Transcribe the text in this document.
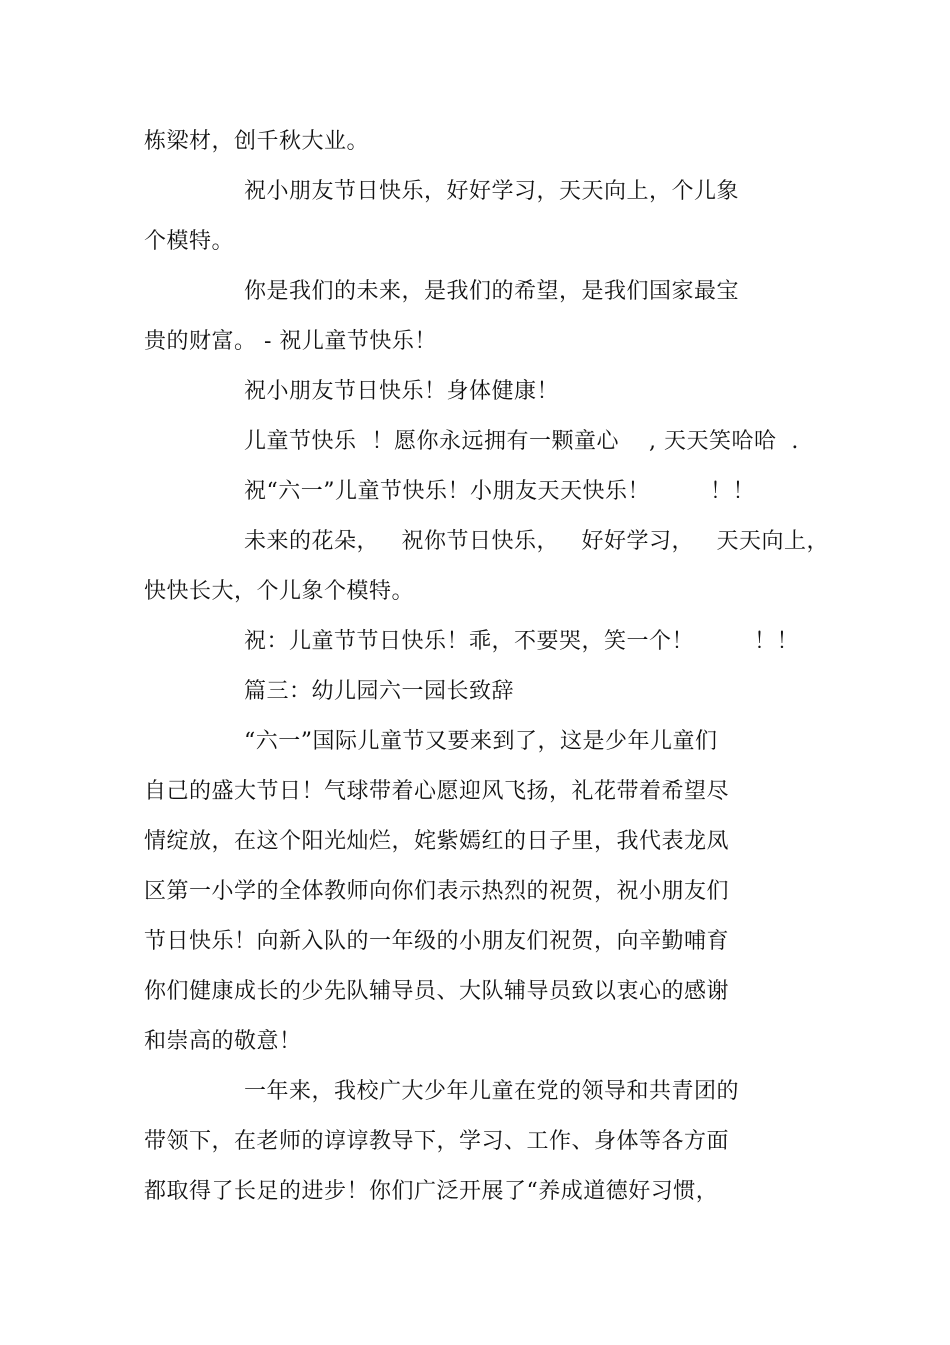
栋梁材，创千秋大业。
祝小朋友节日快乐，好好学习，天天向上，个儿象
个模特。
你是我们的未来，是我们的希望，是我们国家最宝
贵的财富。 - 祝儿童节快乐！
祝小朋友节日快乐！身体健康！
儿童节快乐  ！愿你永远拥有一颗童心    , 天天笑哈哈  .
祝“六一”儿童节快乐！小朋友天天快乐！        ！！
未来的花朵，   祝你节日快乐，   好好学习，   天天向上，
快快长大，个儿象个模特。
祝：儿童节节日快乐！乖，不要哭，笑一个！        ！！
篇三：幼儿园六一园长致辞
“六一”国际儿童节又要来到了，这是少年儿童们
自己的盛大节日！气球带着心愿迎风飞扬，礼花带着希望尽
情绽放，在这个阳光灿烂，姹紫嫣红的日子里，我代表龙凤
区第一小学的全体教师向你们表示热烈的祝贺，祝小朋友们
节日快乐！向新入队的一年级的小朋友们祝贺，向辛勤哺育
你们健康成长的少先队辅导员、大队辅导员致以衷心的感谢
和崇高的敬意！
一年来，我校广大少年儿童在党的领导和共青团的
带领下，在老师的谆谆教导下，学习、工作、身体等各方面
都取得了长足的进步！你们广泛开展了“养成道德好习惯，
